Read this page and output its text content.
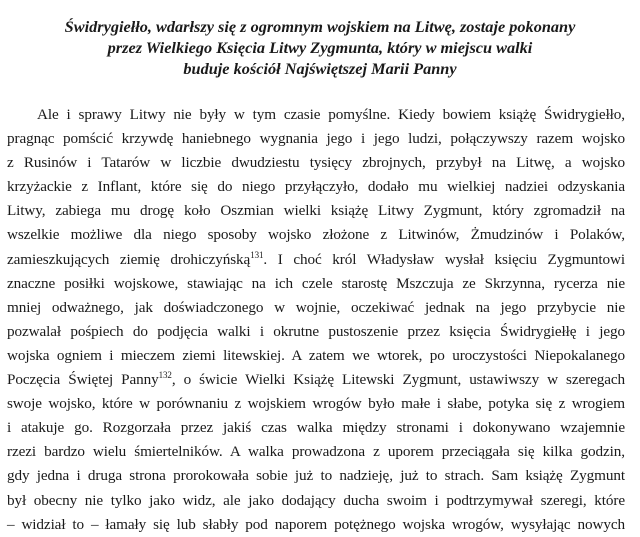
Świdrygiełło, wdarłszy się z ogromnym wojskiem na Litwę, zostaje pokonany
przez Wielkiego Księcia Litwy Zygmunta, który w miejscu walki
buduje kościół Najświętszej Marii Panny
Ale i sprawy Litwy nie były w tym czasie pomyślne. Kiedy bowiem książę Świdrygiełło,
pragnąc pomścić krzywdę haniebnego wygnania jego i jego ludzi, połączywszy razem wojsko
z Rusinów i Tatarów w liczbie dwudziestu tysięcy zbrojnych, przybył na Litwę, a wojsko
krzyżackie z Inflant, które się do niego przyłączyło, dodało mu wielkiej nadziei odzyskania
Litwy, zabiega mu drogę koło Oszmian wielki książę Litwy Zygmunt, który zgromadził na
wszelkie możliwe dla niego sposoby wojsko złożone z Litwinów, Żmudzinów i Polaków,
zamieszkujących ziemię drohiczyńską$^{131}$. I choć król Władysław wysłał księciu Zygmuntowi
znaczne posiłki wojskowe, stawiając na ich czele starostę Mszczuja ze Skrzynna, rycerza nie
mniej odważnego, jak doświadczonego w wojnie, oczekiwać jednak na jego przybycie nie
pozwalał pośpiech do podjęcia walki i okrutne pustoszenie przez księcia Świdrygiełłę i jego
wojska ogniem i mieczem ziemi litewskiej. A zatem we wtorek, po uroczystości Niepokalanego
Poczęcia Świętej Panny$^{132}$, o świcie Wielki Książę Litewski Zygmunt, ustawiwszy w szeregach
swoje wojsko, które w porównaniu z wojskiem wrogów było małe i słabe, potyka się z wrogiem
i atakuje go. Rozgorzała przez jakiś czas walka między stronami i dokonywano wzajemnie
rzezi bardzo wielu śmiertelników. A walka prowadzona z uporem przeciągała się kilka godzin,
gdy jedna i druga strona prorokowała sobie już to nadzieję, już to strach. Sam książę Zygmunt
był obecny nie tylko jako widz, ale jako dodający ducha swoim i podtrzymywał szeregi, które
– widział to – łamały się lub słabły pod naporem potężnego wojska wrogów, wysyłając nowych
